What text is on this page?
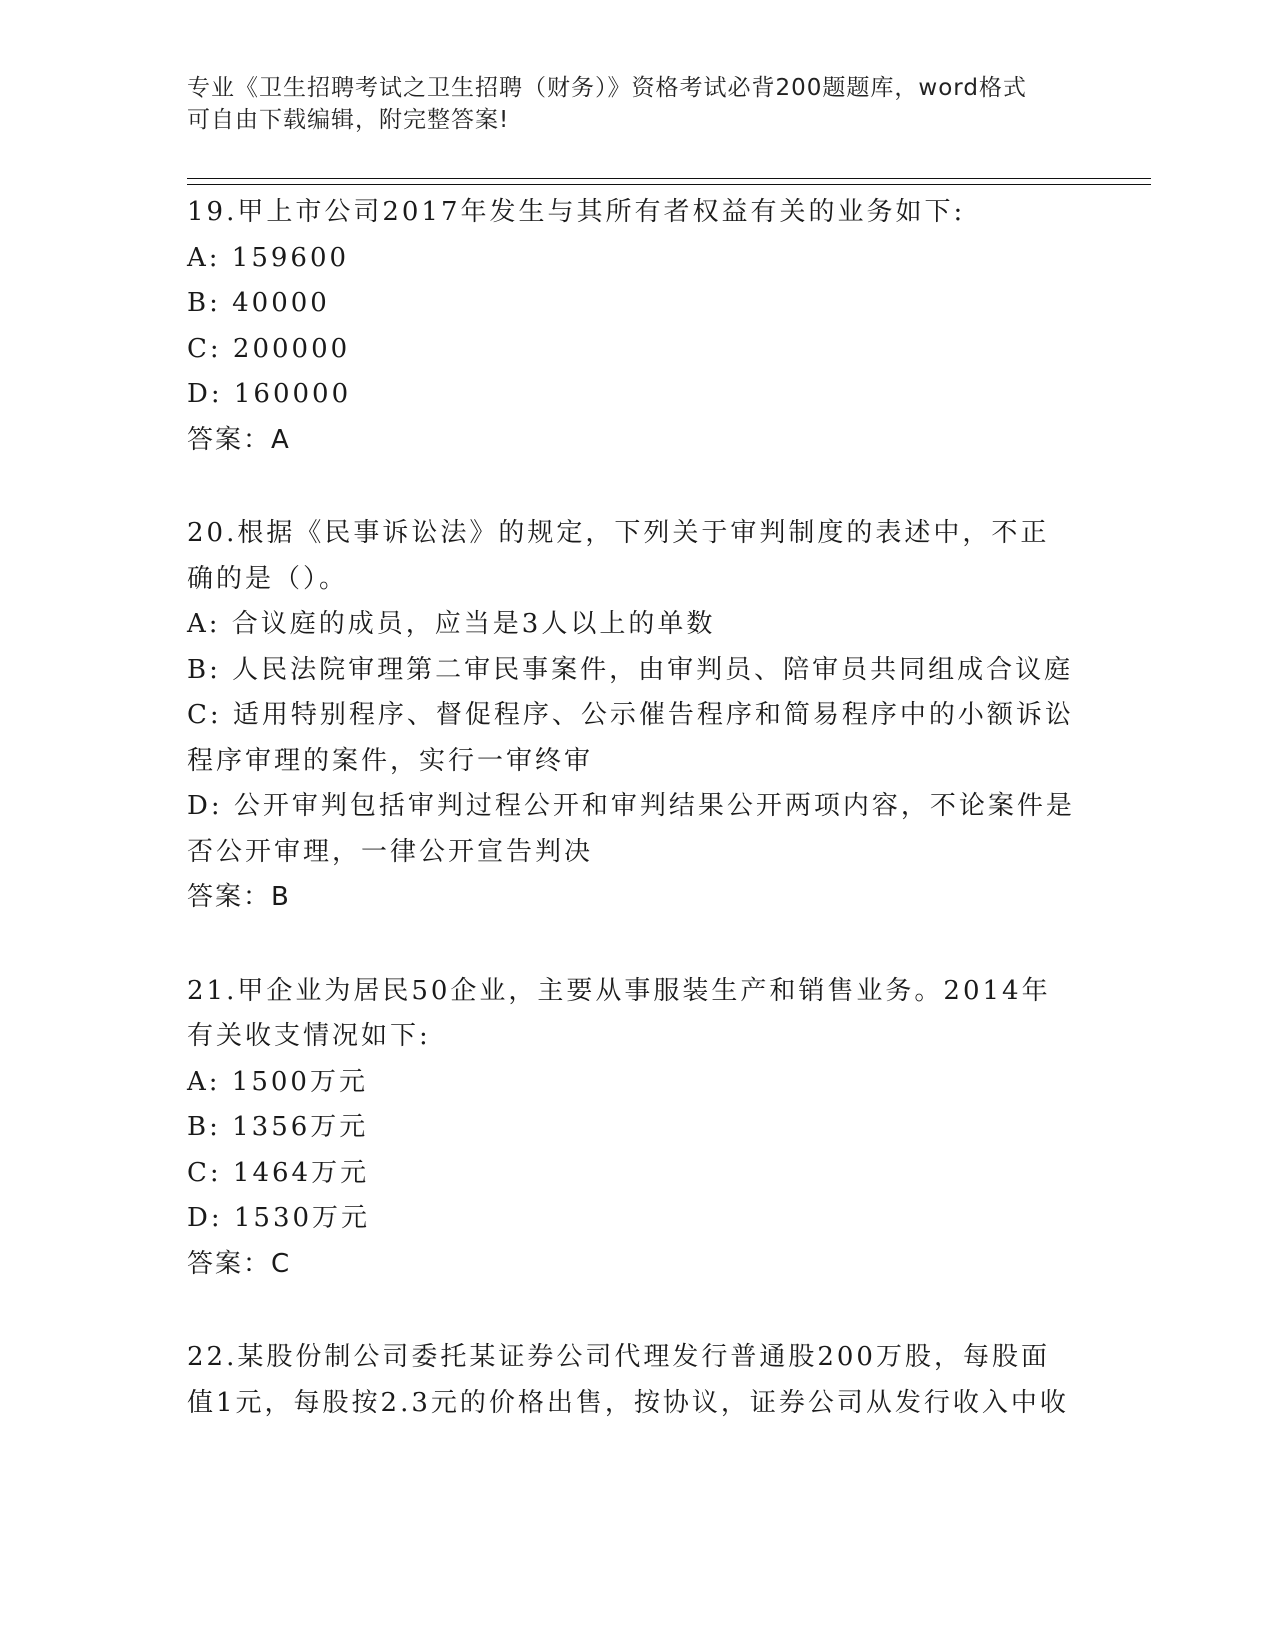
专业《卫生招聘考试之卫生招聘（财务）》资格考试必背200题题库，word格式
可自由下载编辑，附完整答案!

19.甲上市公司2017年发生与其所有者权益有关的业务如下:

A: 159600

B: 40000

C: 200000

D: 160000

答案 ： A

20.根据《民事诉讼法》的规定，下列关于审判制度的表述中，不正确的是（）。

A: 合议庭的成员，应当是3人以上的单数

B: 人民法院审理第二审民事案件，由审判员、陪审员共同组成合议庭

C: 适用特别程序、督促程序、公示催告程序和简易程序中的小额诉讼程序审理的案件，实行一审终审

D: 公开审判包括审判过程公开和审判结果公开两项内容，不论案件是否公开审理，一律公开宣告判决

答案 ： B

21.甲企业为居民50企业，主要从事服装生产和销售业务。2014年有关收支情况如下:

A: 1500万元

B: 1356万元

C: 1464万元

D: 1530万元

答案 ： C

22.某股份制公司委托某证券公司代理发行普通股200万股，每股面值1元，每股按2.3元的价格出售，按协议，证券公司从发行收入中收
